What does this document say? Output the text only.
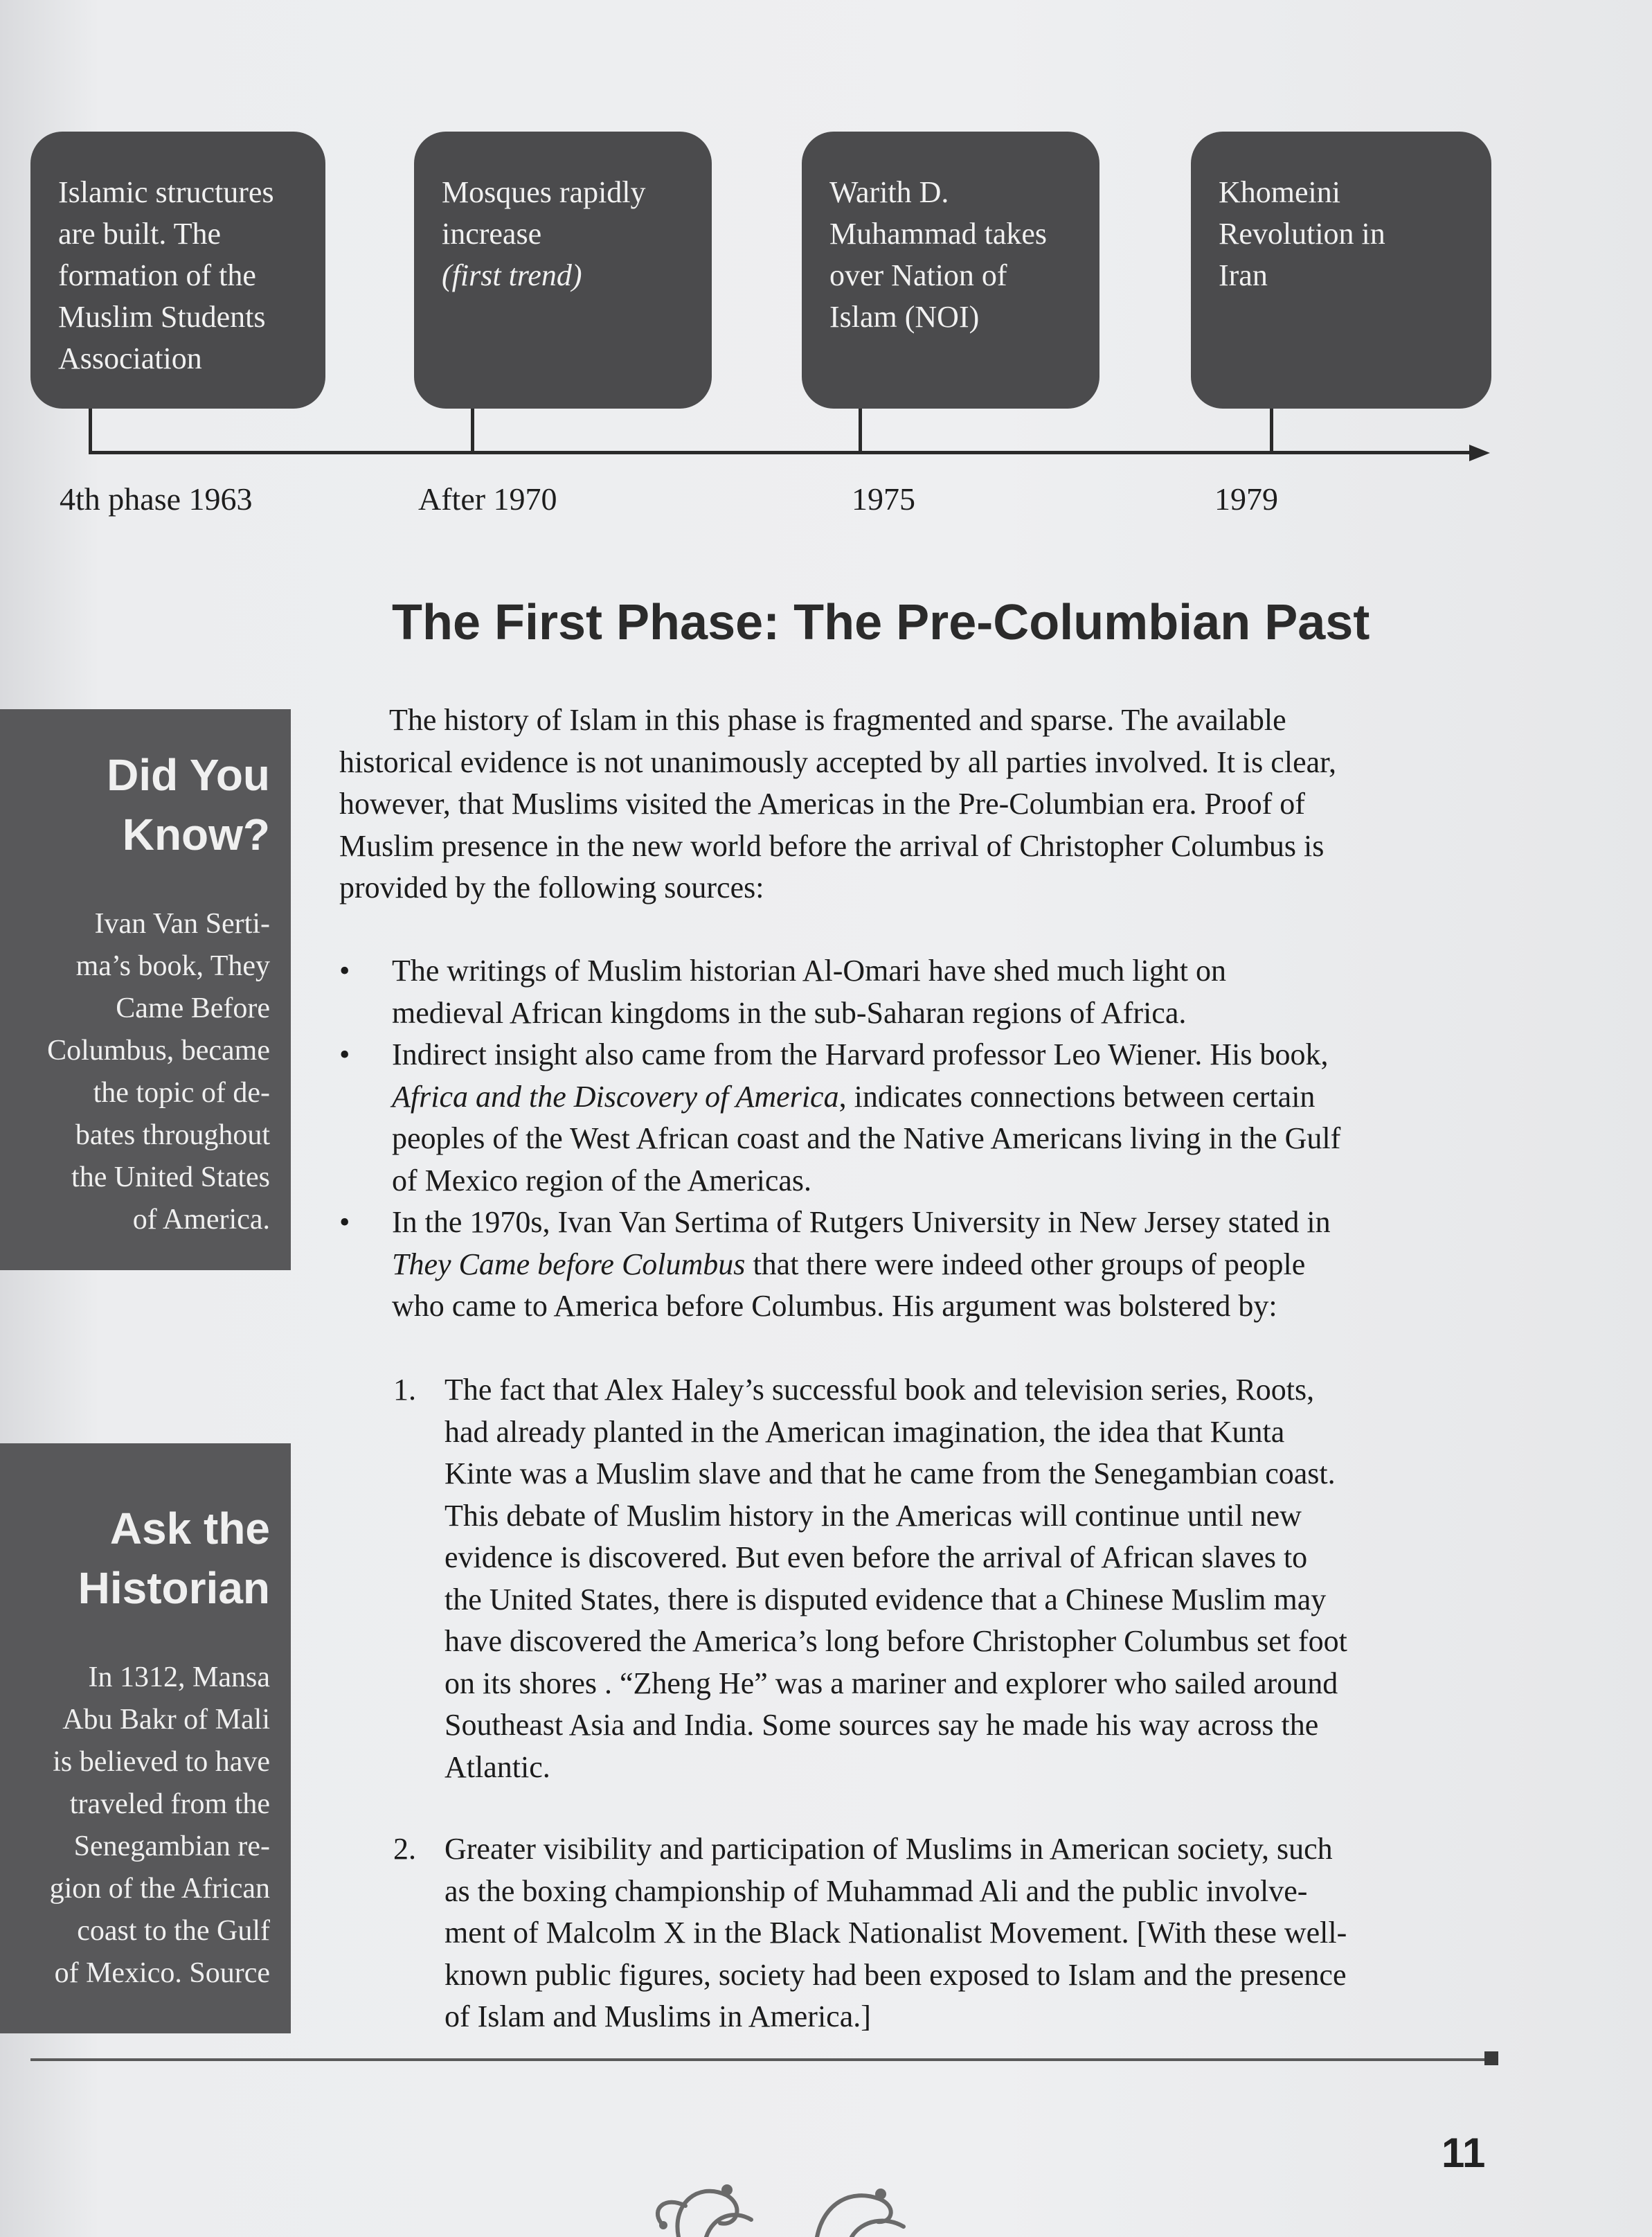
Islamic structures
are built. The
formation of the
Muslim Students
Association
Mosques rapidly
increase
(first trend)
Warith D.
Muhammad takes
over Nation of
Islam (NOI)
Khomeini
Revolution in
Iran
4th phase 1963	After 1970	1975	1979
The First Phase: The Pre-Columbian Past
Did You
Know?
Ivan Van Serti-
ma’s book, They
Came Before
Columbus, became
the topic of de-
bates throughout
the United States
of America.
Ask the
Historian
In 1312, Mansa
Abu Bakr of Mali
is believed to have
traveled from the
Senegambian re-
gion of the African
coast to the Gulf
of Mexico. Source
The history of Islam in this phase is fragmented and sparse. The available
historical evidence is not unanimously accepted by all parties involved. It is clear,
however, that Muslims visited the Americas in the Pre-Columbian era. Proof of
Muslim presence in the new world before the arrival of Christopher Columbus is
provided by the following sources:
•	The writings of Muslim historian Al-Omari have shed much light on
medieval African kingdoms in the sub-Saharan regions of Africa.
•	Indirect insight also came from the Harvard professor Leo Wiener. His book,
Africa and the Discovery of America, indicates connections between certain
peoples of the West African coast and the Native Americans living in the Gulf
of Mexico region of the Americas.
•	In the 1970s, Ivan Van Sertima of Rutgers University in New Jersey stated in
They Came before Columbus that there were indeed other groups of people
who came to America before Columbus. His argument was bolstered by:
1. The fact that Alex Haley’s successful book and television series, Roots,
had already planted in the American imagination, the idea that Kunta
Kinte was a Muslim slave and that he came from the Senegambian coast.
This debate of Muslim history in the Americas will continue until new
evidence is discovered. But even before the arrival of African slaves to
the United States, there is disputed evidence that a Chinese Muslim may
have discovered the America’s long before Christopher Columbus set foot
on its shores . “Zheng He” was a mariner and explorer who sailed around
Southeast Asia and India. Some sources say he made his way across the
Atlantic.
2. Greater visibility and participation of Muslims in American society, such
as the boxing championship of Muhammad Ali and the public involve-
ment of Malcolm X in the Black Nationalist Movement. [With these well-
known public figures, society had been exposed to Islam and the presence
of Islam and Muslims in America.]
11
